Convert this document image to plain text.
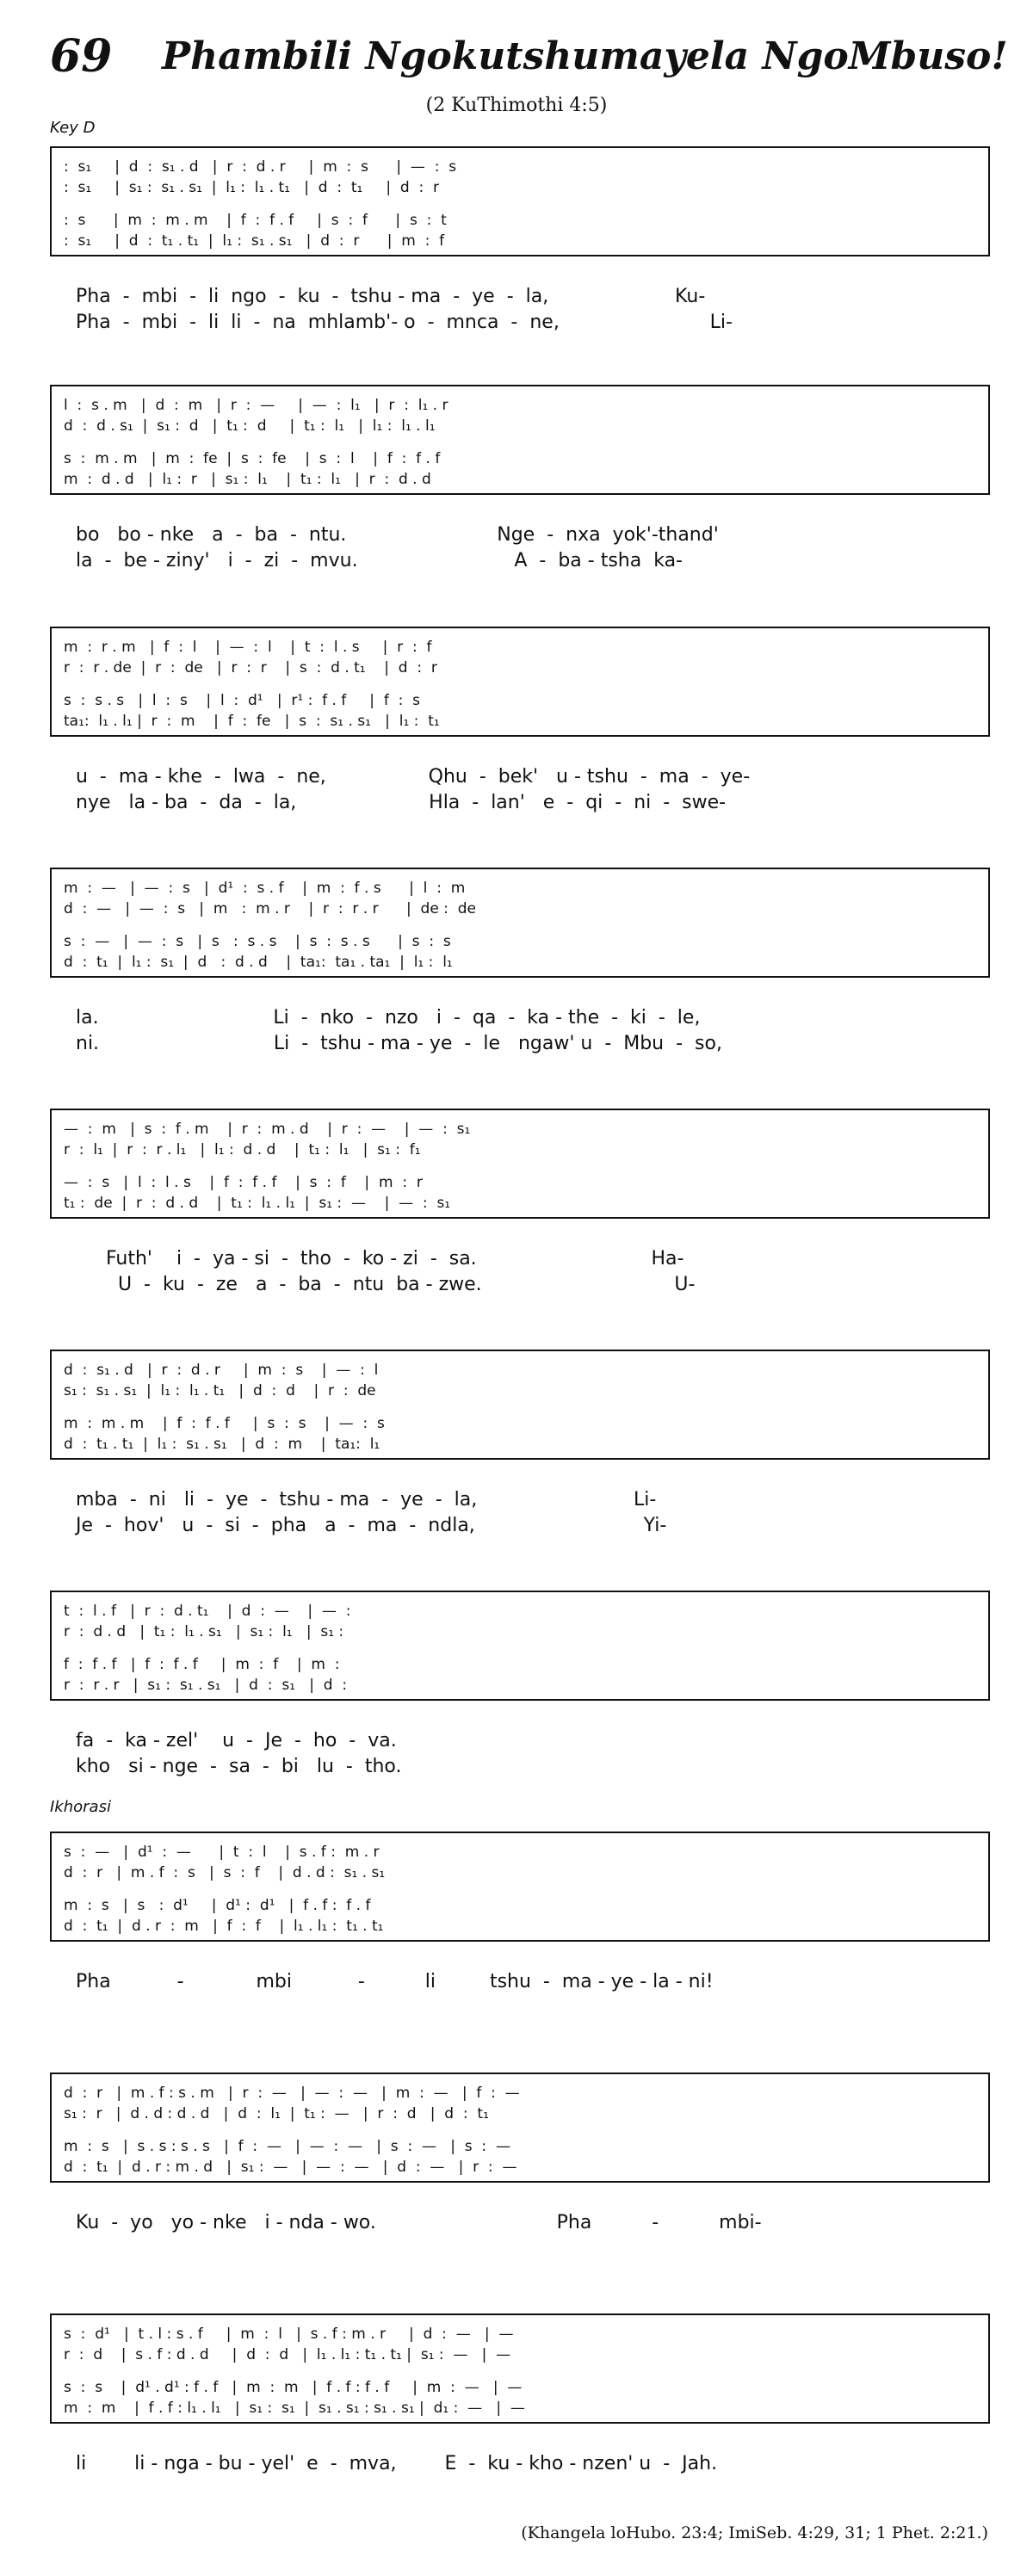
69 Phambili Ngokutshumayela NgoMbuso!
(2 KuThimothi 4:5)
Key D
:  s₁     |  d  :  s₁ . d   |  r  :  d . r     |  m  :  s      |  —  :  s
:  s₁     |  s₁ :  s₁ . s₁  |  l₁ :  l₁ . t₁   |  d  :  t₁     |  d  :  r
:  s      |  m  :  m . m    |  f  :  f . f     |  s  :  f      |  s  :  t
:  s₁     |  d  :  t₁ . t₁  |  l₁ :  s₁ . s₁   |  d  :  r      |  m  :  f
Pha  -  mbi  -  li  ngo  -  ku  -  tshu - ma  -  ye  -  la,                     Ku-
Pha  -  mbi  -  li  li  -  na  mhlamb'- o  -  mnca  -  ne,                         Li-
l  :  s . m   |  d  :  m   |  r  :  —     |  —  :  l₁   |  r  :  l₁ . r
d  :  d . s₁  |  s₁ :  d   |  t₁ :  d     |  t₁ :  l₁   |  l₁ :  l₁ . l₁
s  :  m . m   |  m  :  fe  |  s  :  fe    |  s  :  l    |  f  :  f . f
m  :  d . d   |  l₁ :  r   |  s₁ :  l₁    |  t₁ :  l₁   |  r  :  d . d
bo   bo - nke   a  -  ba  -  ntu.                         Nge  -  nxa  yok'-thand'
la  -  be - ziny'   i  -  zi  -  mvu.                          A  -  ba - tsha  ka-
m  :  r . m   |  f  :  l    |  —  :  l    |  t  :  l . s     |  r  :  f
r  :  r . de  |  r  :  de   |  r  :  r    |  s  :  d . t₁    |  d  :  r
s  :  s . s   |  l  :  s    |  l  :  d¹   |  r¹ :  f . f     |  f  :  s
ta₁:  l₁ . l₁ |  r  :  m    |  f  :  fe   |  s  :  s₁ . s₁   |  l₁ :  t₁
u  -  ma - khe  -  lwa  -  ne,                 Qhu  -  bek'   u - tshu  -  ma  -  ye-
nye   la - ba  -  da  -  la,                      Hla  -  lan'   e  -  qi  -  ni  -  swe-
m  :  —   |  —  :  s   |  d¹  :  s . f    |  m  :  f . s      |  l  :  m
d  :  —   |  —  :  s   |  m   :  m . r    |  r  :  r . r      |  de :  de
s  :  —   |  —  :  s   |  s   :  s . s    |  s  :  s . s      |  s  :  s
d  :  t₁  |  l₁ :  s₁  |  d   :  d . d    |  ta₁:  ta₁ . ta₁  |  l₁ :  l₁
la.                             Li  -  nko  -  nzo   i  -  qa  -  ka - the  -  ki  -  le,
ni.                             Li  -  tshu - ma - ye  -  le   ngaw' u  -  Mbu  -  so,
—  :  m   |  s  :  f . m    |  r  :  m . d    |  r  :  —    |  —  :  s₁
r  :  l₁  |  r  :  r . l₁   |  l₁ :  d . d    |  t₁ :  l₁   |  s₁ :  f₁
—  :  s   |  l  :  l . s    |  f  :  f . f    |  s  :  f    |  m  :  r
t₁ :  de  |  r  :  d . d    |  t₁ :  l₁ . l₁  |  s₁ :  —    |  —  :  s₁
Futh'    i  -  ya - si  -  tho  -  ko - zi  -  sa.                             Ha-
U  -  ku  -  ze   a  -  ba  -  ntu  ba - zwe.                                U-
d  :  s₁ . d   |  r  :  d . r     |  m  :  s    |  —  :  l
s₁ :  s₁ . s₁  |  l₁ :  l₁ . t₁   |  d  :  d    |  r  :  de
m  :  m . m    |  f  :  f . f     |  s  :  s    |  —  :  s
d  :  t₁ . t₁  |  l₁ :  s₁ . s₁   |  d  :  m    |  ta₁:  l₁
mba  -  ni   li  -  ye  -  tshu - ma  -  ye  -  la,                          Li-
Je  -  hov'   u  -  si  -  pha   a  -  ma  -  ndla,                            Yi-
t  :  l . f   |  r  :  d . t₁    |  d  :  —    |  —  :
r  :  d . d   |  t₁ :  l₁ . s₁   |  s₁ :  l₁   |  s₁ :
f  :  f . f   |  f  :  f . f     |  m  :  f    |  m  :
r  :  r . r   |  s₁ :  s₁ . s₁   |  d  :  s₁   |  d  :
fa  -  ka - zel'    u  -  Je  -  ho  -  va.
kho   si - nge  -  sa  -  bi   lu  -  tho.
s  :  —   |  d¹  :  —      |  t  :  l    |  s . f :  m . r
d  :  r   |  m . f  :  s   |  s  :  f    |  d . d :  s₁ . s₁
m  :  s   |  s   :  d¹     |  d¹ :  d¹   |  f . f :  f . f
d  :  t₁  |  d . r  :  m   |  f  :  f    |  l₁ . l₁ :  t₁ . t₁
Pha           -            mbi           -          li         tshu  -  ma - ye - la - ni!
d  :  r   |  m . f : s . m   |  r  :  —   |  —  :  —   |  m  :  —   |  f  :  —
s₁ :  r   |  d . d : d . d   |  d  :  l₁  |  t₁ :  —   |  r  :  d   |  d  :  t₁
m  :  s   |  s . s : s . s   |  f  :  —   |  —  :  —   |  s  :  —   |  s  :  —
d  :  t₁  |  d . r : m . d   |  s₁ :  —   |  —  :  —   |  d  :  —   |  r  :  —
Ku  -  yo   yo - nke   i - nda - wo.                              Pha          -          mbi-
s  :  d¹   |  t . l : s . f     |  m  :  l   |  s . f : m . r     |  d  :  —   |  —
r  :  d    |  s . f : d . d     |  d  :  d   |  l₁ . l₁ : t₁ . t₁ |  s₁ :  —   |  —
s  :  s    |  d¹ . d¹ : f . f   |  m  :  m   |  f . f : f . f     |  m  :  —   |  —
m  :  m    |  f . f : l₁ . l₁   |  s₁ :  s₁  |  s₁ . s₁ : s₁ . s₁ |  d₁ :  —   |  —
li        li - nga - bu - yel'  e  -  mva,        E  -  ku - kho - nzen' u  -  Jah.
Ikhorasi
(Khangela loHubo. 23:4; ImiSeb. 4:29, 31; 1 Phet. 2:21.)
